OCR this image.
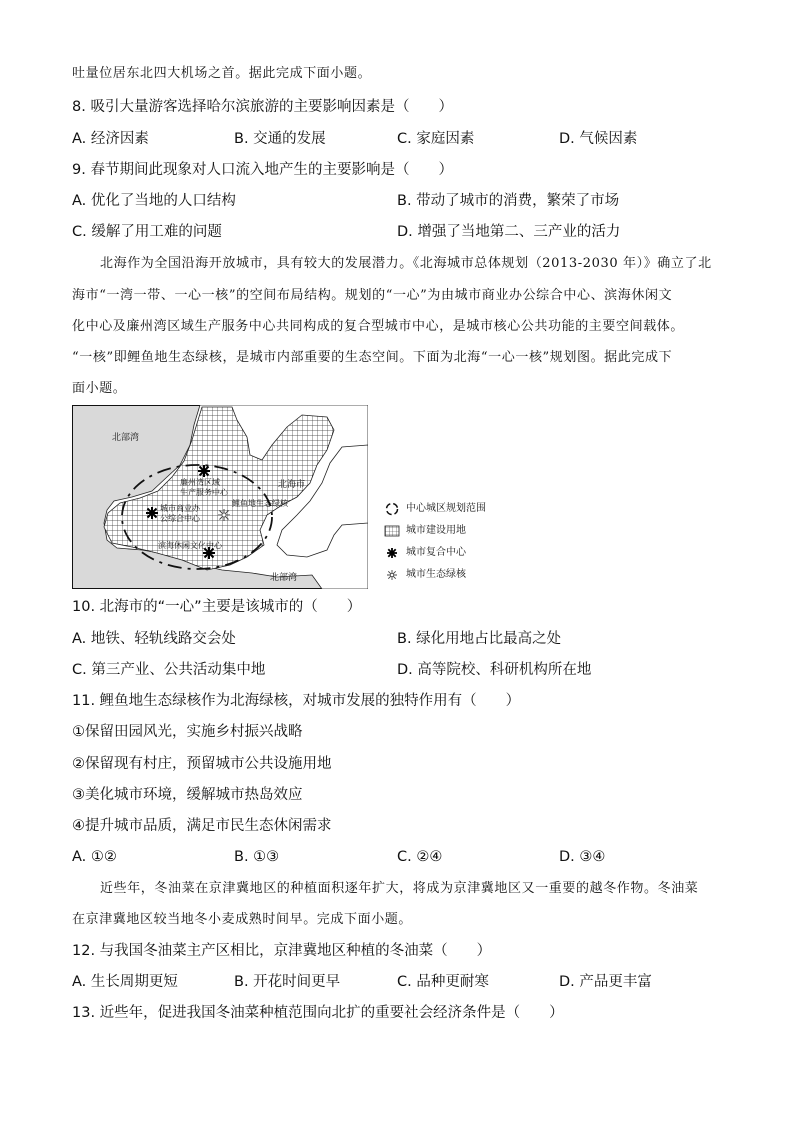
吐量位居东北四大机场之首。据此完成下面小题。
8. 吸引大量游客选择哈尔滨旅游的主要影响因素是（　　）
A. 经济因素	B. 交通的发展	C. 家庭因素	D. 气候因素
9. 春节期间此现象对人口流入地产生的主要影响是（　　）
A. 优化了当地的人口结构	B. 带动了城市的消费，繁荣了市场
C. 缓解了用工难的问题	D. 增强了当地第二、三产业的活力
北海作为全国沿海开放城市，具有较大的发展潜力。《北海城市总体规划（2013-2030 年）》确立了北
海市“一湾一带、一心一核”的空间布局结构。规划的“一心”为由城市商业办公综合中心、滨海休闲文
化中心及廉州湾区域生产服务中心共同构成的复合型城市中心，是城市核心公共功能的主要空间载体。
“一核”即鲤鱼地生态绿核，是城市内部重要的生态空间。下面为北海“一心一核”规划图。据此完成下
面小题。
北部湾
北海市
北部湾
廉州湾区域
生产服务中心
鲤鱼地生态绿核
城市商业办
公综合中心
滨海休闲文化中心
中心城区规划范围
城市建设用地
城市复合中心
城市生态绿核
10. 北海市的“一心”主要是该城市的（　　）
A. 地铁、轻轨线路交会处	B. 绿化用地占比最高之处
C. 第三产业、公共活动集中地	D. 高等院校、科研机构所在地
11. 鲤鱼地生态绿核作为北海绿核，对城市发展的独特作用有（　　）
①保留田园风光，实施乡村振兴战略
②保留现有村庄，预留城市公共设施用地
③美化城市环境，缓解城市热岛效应
④提升城市品质，满足市民生态休闲需求
A. ①②	B. ①③	C. ②④	D. ③④
近些年，冬油菜在京津冀地区的种植面积逐年扩大，将成为京津冀地区又一重要的越冬作物。冬油菜
在京津冀地区较当地冬小麦成熟时间早。完成下面小题。
12. 与我国冬油菜主产区相比，京津冀地区种植的冬油菜（　　）
A. 生长周期更短	B. 开花时间更早	C. 品种更耐寒	D. 产品更丰富
13. 近些年，促进我国冬油菜种植范围向北扩的重要社会经济条件是（　　）
